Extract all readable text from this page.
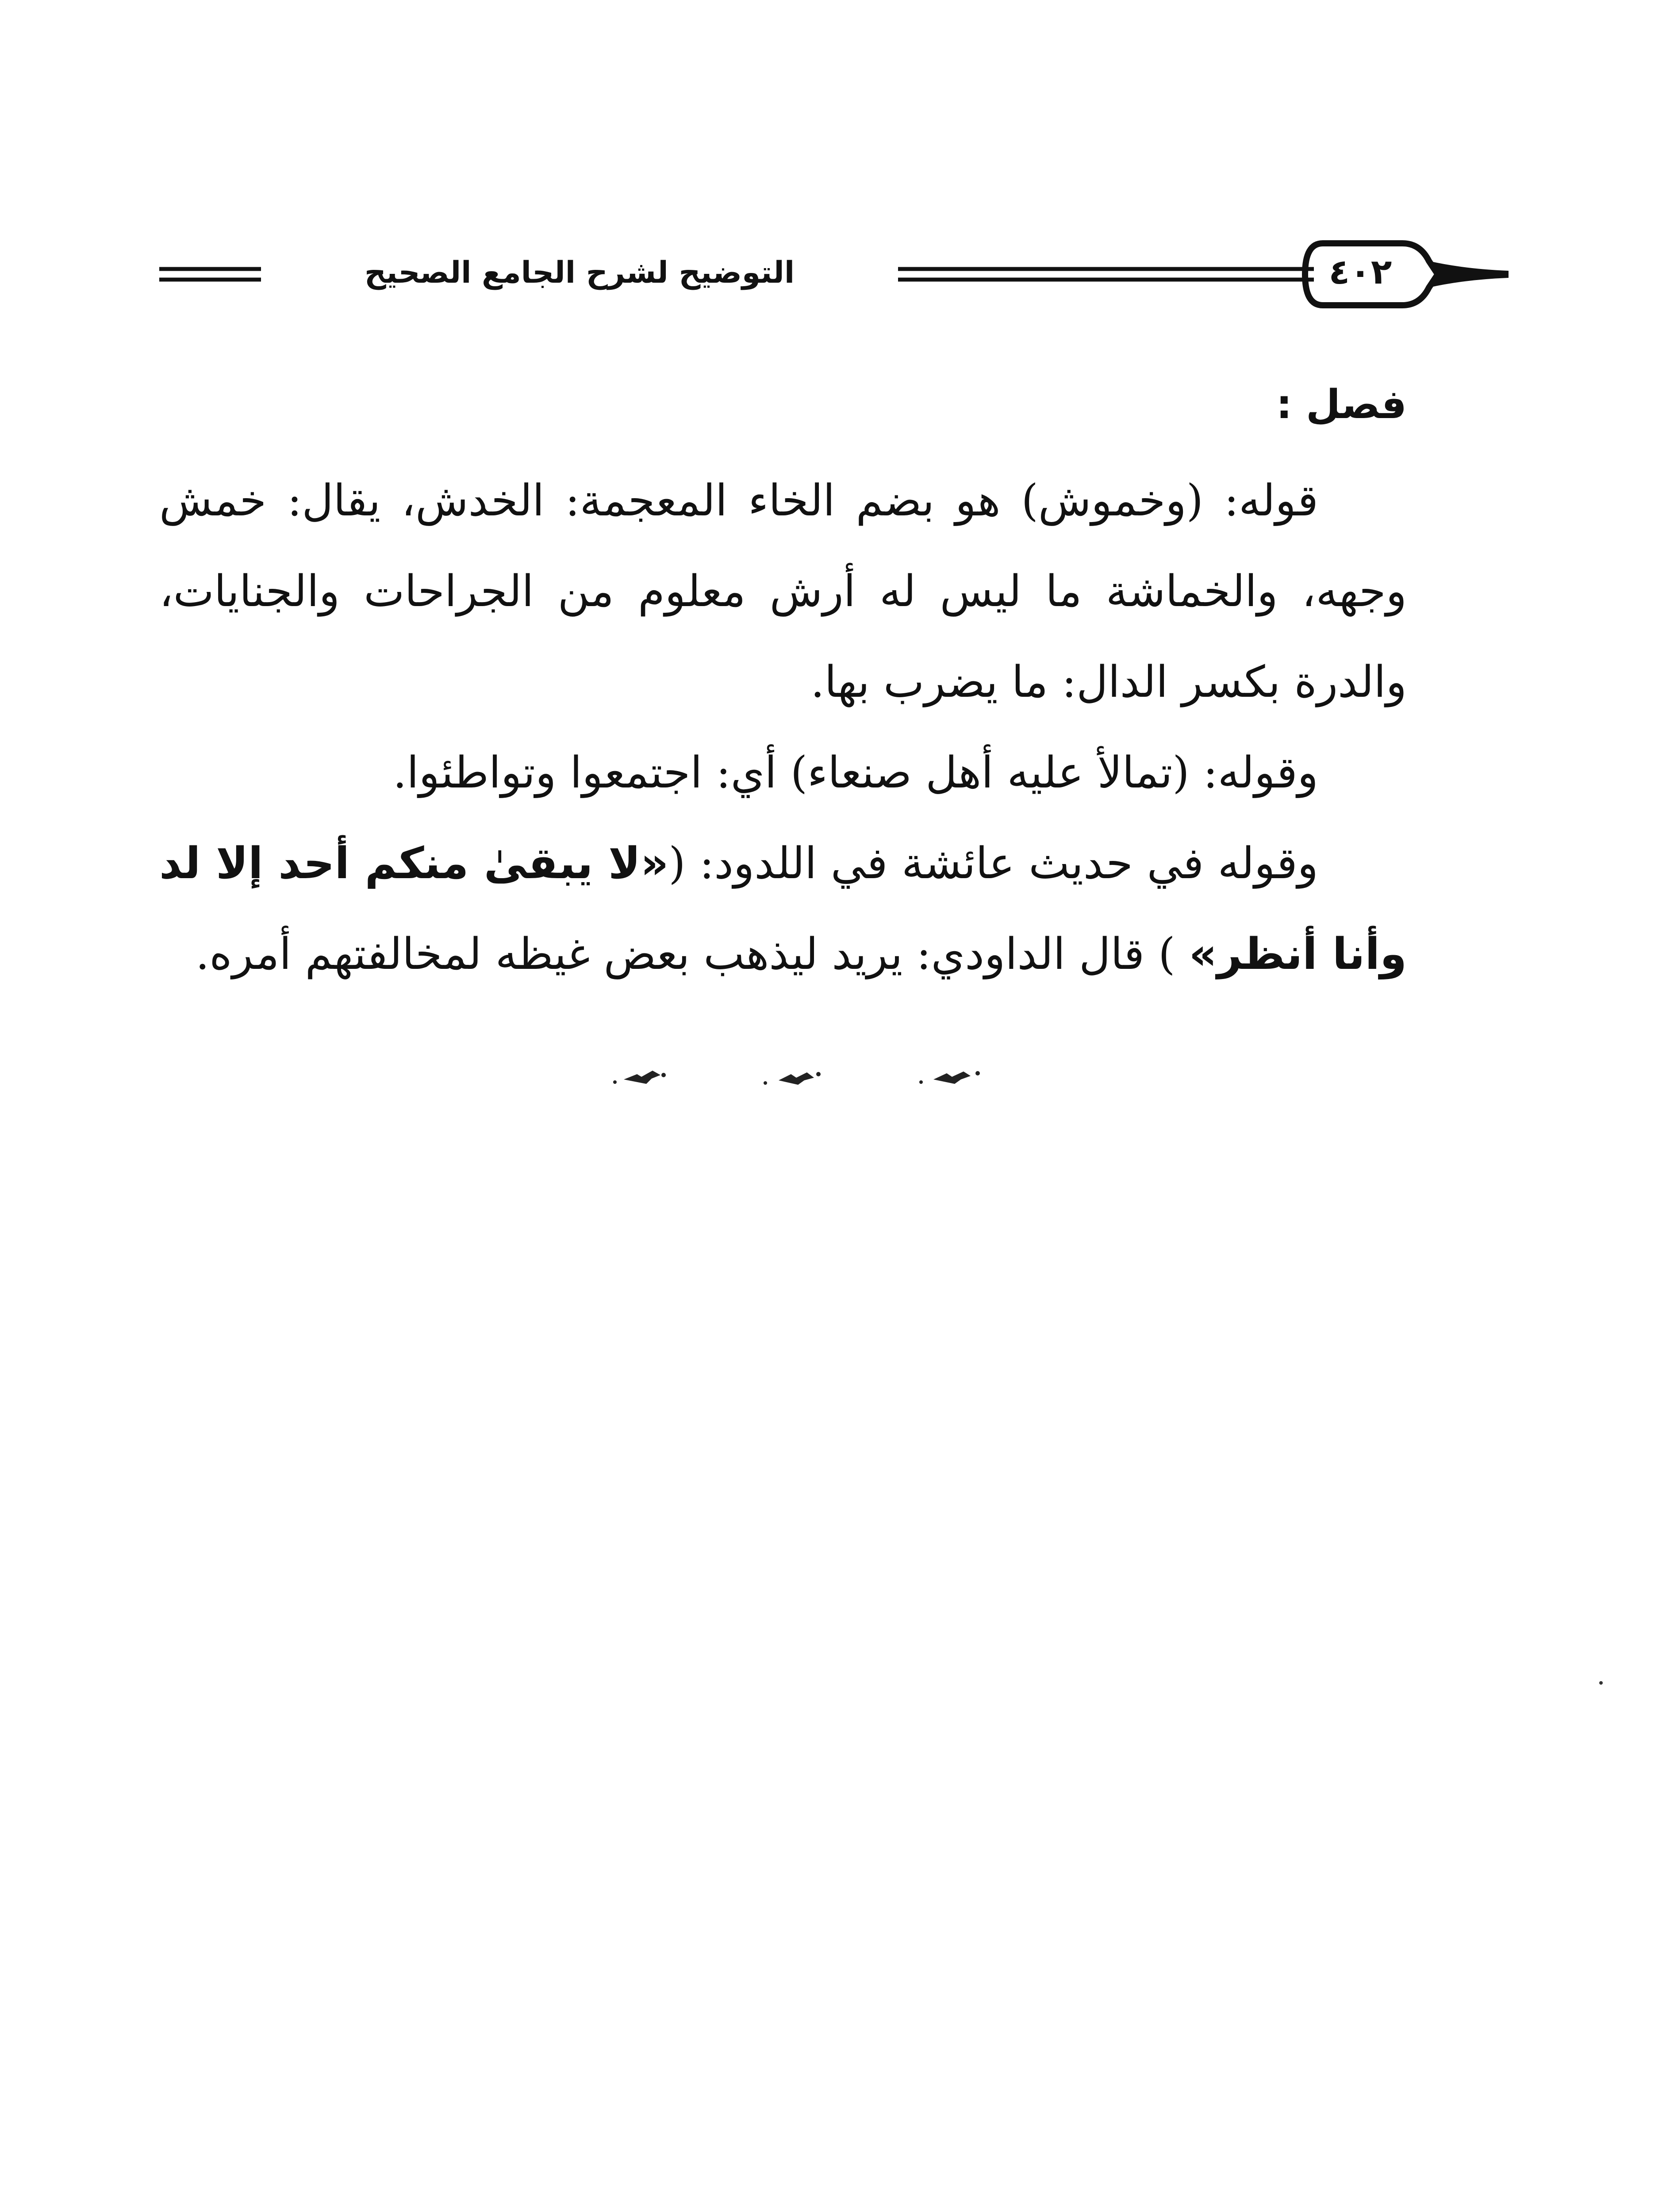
التوضيح لشرح الجامع الصحيح	٤٠٢
فصل :

قوله: (وخموش) هو بضم الخاء المعجمة: الخدش، يقال: خمش وجهه، والخماشة ما ليس له أرش معلوم من الجراحات والجنايات، والدرة بكسر الدال: ما يضرب بها.

وقوله: (تمالأ عليه أهل صنعاء) أي: اجتمعوا وتواطئوا.

وقوله في حديث عائشة في اللدود: («لا يبقىٰ منكم أحد إلا لد وأنا أنظر» ) قال الداودي: يريد ليذهب بعض غيظه لمخالفتهم أمره.
